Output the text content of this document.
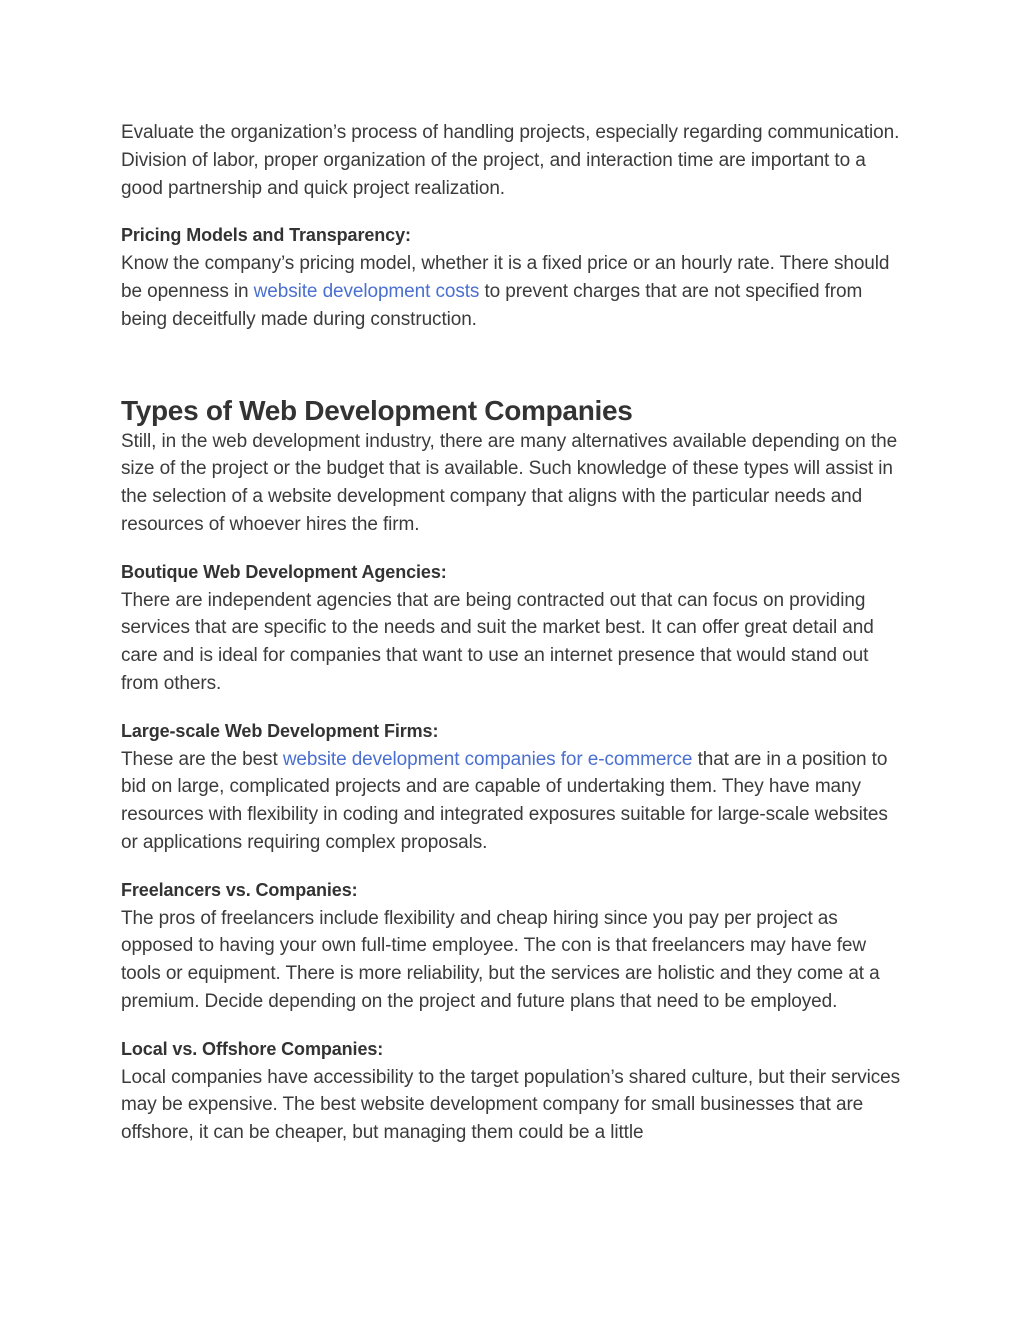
Evaluate the organization’s process of handling projects, especially regarding communication. Division of labor, proper organization of the project, and interaction time are important to a good partnership and quick project realization.

Pricing Models and Transparency:
Know the company’s pricing model, whether it is a fixed price or an hourly rate. There should be openness in website development costs to prevent charges that are not specified from being deceitfully made during construction.

Types of Web Development Companies

Still, in the web development industry, there are many alternatives available depending on the size of the project or the budget that is available. Such knowledge of these types will assist in the selection of a website development company that aligns with the particular needs and resources of whoever hires the firm.

Boutique Web Development Agencies:
There are independent agencies that are being contracted out that can focus on providing services that are specific to the needs and suit the market best. It can offer great detail and care and is ideal for companies that want to use an internet presence that would stand out from others.

Large-scale Web Development Firms:
These are the best website development companies for e-commerce that are in a position to bid on large, complicated projects and are capable of undertaking them. They have many resources with flexibility in coding and integrated exposures suitable for large-scale websites or applications requiring complex proposals.

Freelancers vs. Companies:
The pros of freelancers include flexibility and cheap hiring since you pay per project as opposed to having your own full-time employee. The con is that freelancers may have few tools or equipment. There is more reliability, but the services are holistic and they come at a premium. Decide depending on the project and future plans that need to be employed.

Local vs. Offshore Companies:
Local companies have accessibility to the target population’s shared culture, but their services may be expensive. The best website development company for small businesses that are offshore, it can be cheaper, but managing them could be a little
